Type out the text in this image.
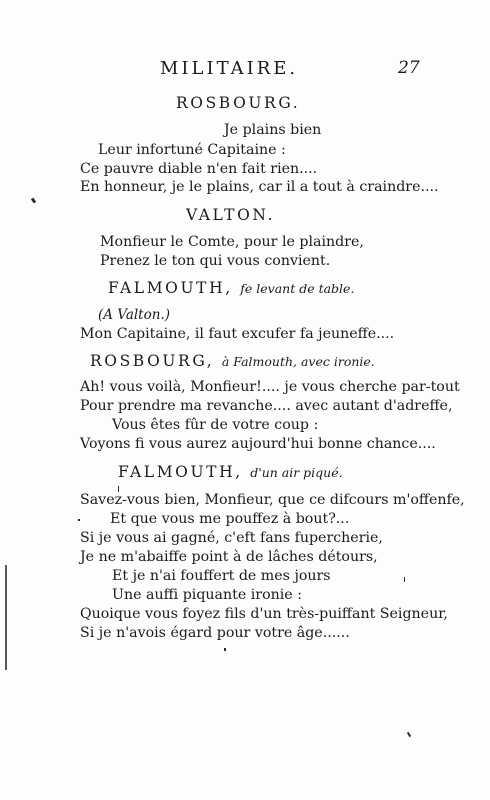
MILITAIRE.	27
ROSBOURG.
Je plains bien
Leur infortuné Capitaine :
Ce pauvre diable n'en fait rien....
En honneur, je le plains, car il a tout à craindre....
VALTON.
Monfieur le Comte, pour le plaindre,
Prenez le ton qui vous convient.
FALMOUTH, fe levant de table.
(A Valton.)
Mon Capitaine, il faut excufer fa jeuneffe....
ROSBOURG, à Falmouth, avec ironie.
Ah! vous voilà, Monfieur!.... je vous cherche par-tout
Pour prendre ma revanche.... avec autant d'adreffe,
Vous êtes fûr de votre coup :
Voyons fi vous aurez aujourd'hui bonne chance....
FALMOUTH, d'un air piqué.
Savez-vous bien, Monfieur, que ce difcours m'offenfe,
Et que vous me pouffez à bout?...
Si je vous ai gagné, c'eft fans fupercherie,
Je ne m'abaiffe point à de lâches détours,
Et je n'ai fouffert de mes jours
Une auffi piquante ironie :
Quoique vous foyez fils d'un très-puiffant Seigneur,
Si je n'avois égard pour votre âge......
